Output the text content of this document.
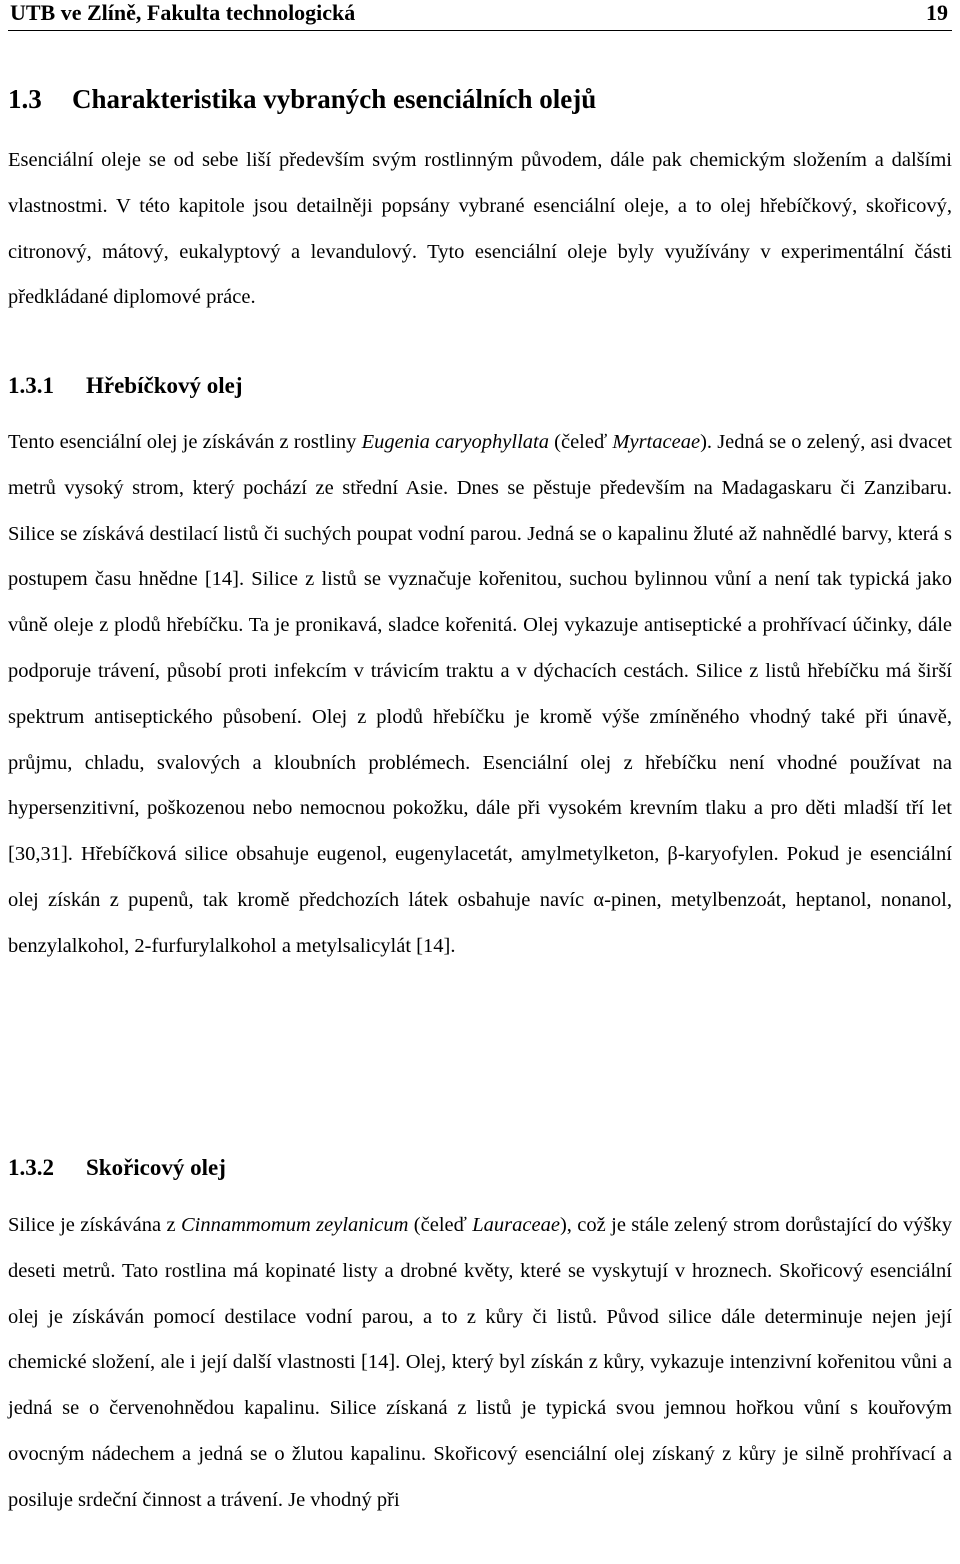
UTB ve Zlíně, Fakulta technologická	19
1.3 Charakteristika vybraných esenciálních olejů

Esenciální oleje se od sebe liší především svým rostlinným původem, dále pak chemickým složením a dalšími vlastnostmi. V této kapitole jsou detailněji popsány vybrané esenciální oleje, a to olej hřebíčkový, skořicový, citronový, mátový, eukalyptový a levandulový. Tyto esenciální oleje byly využívány v experimentální části předkládané diplomové práce.

1.3.1 Hřebíčkový olej

Tento esenciální olej je získáván z rostliny Eugenia caryophyllata (čeleď Myrtaceae). Jedná se o zelený, asi dvacet metrů vysoký strom, který pochází ze střední Asie. Dnes se pěstuje především na Madagaskaru či Zanzibaru. Silice se získává destilací listů či suchých poupat vodní parou. Jedná se o kapalinu žluté až nahnědlé barvy, která s postupem času hnědne [14]. Silice z listů se vyznačuje kořenitou, suchou bylinnou vůní a není tak typická jako vůně oleje z plodů hřebíčku. Ta je pronikavá, sladce kořenitá. Olej vykazuje antiseptické a prohřívací účinky, dále podporuje trávení, působí proti infekcím v trávicím traktu a v dýchacích cestách. Silice z listů hřebíčku má širší spektrum antiseptického působení. Olej z plodů hřebíčku je kromě výše zmíněného vhodný také při únavě, průjmu, chladu, svalových a kloubních problémech. Esenciální olej z hřebíčku není vhodné používat na hypersenzitivní, poškozenou nebo nemocnou pokožku, dále při vysokém krevním tlaku a pro děti mladší tří let [30,31]. Hřebíčková silice obsahuje eugenol, eugenylacetát, amylmetylketon, β-karyofylen. Pokud je esenciální olej získán z pupenů, tak kromě předchozích látek osbahuje navíc α-pinen, metylbenzoát, heptanol, nonanol, benzylalkohol, 2-furfurylalkohol a metylsalicylát [14].

1.3.2 Skořicový olej

Silice je získávána z Cinnammomum zeylanicum (čeleď Lauraceae), což je stále zelený strom dorůstající do výšky deseti metrů. Tato rostlina má kopinaté listy a drobné květy, které se vyskytují v hroznech. Skořicový esenciální olej je získáván pomocí destilace vodní parou, a to z kůry či listů. Původ silice dále determinuje nejen její chemické složení, ale i její další vlastnosti [14]. Olej, který byl získán z kůry, vykazuje intenzivní kořenitou vůni a jedná se o červenohnědou kapalinu. Silice získaná z listů je typická svou jemnou hořkou vůní s kouřovým ovocným nádechem a jedná se o žlutou kapalinu. Skořicový esenciální olej získaný z kůry je silně prohřívací a posiluje srdeční činnost a trávení. Je vhodný při
